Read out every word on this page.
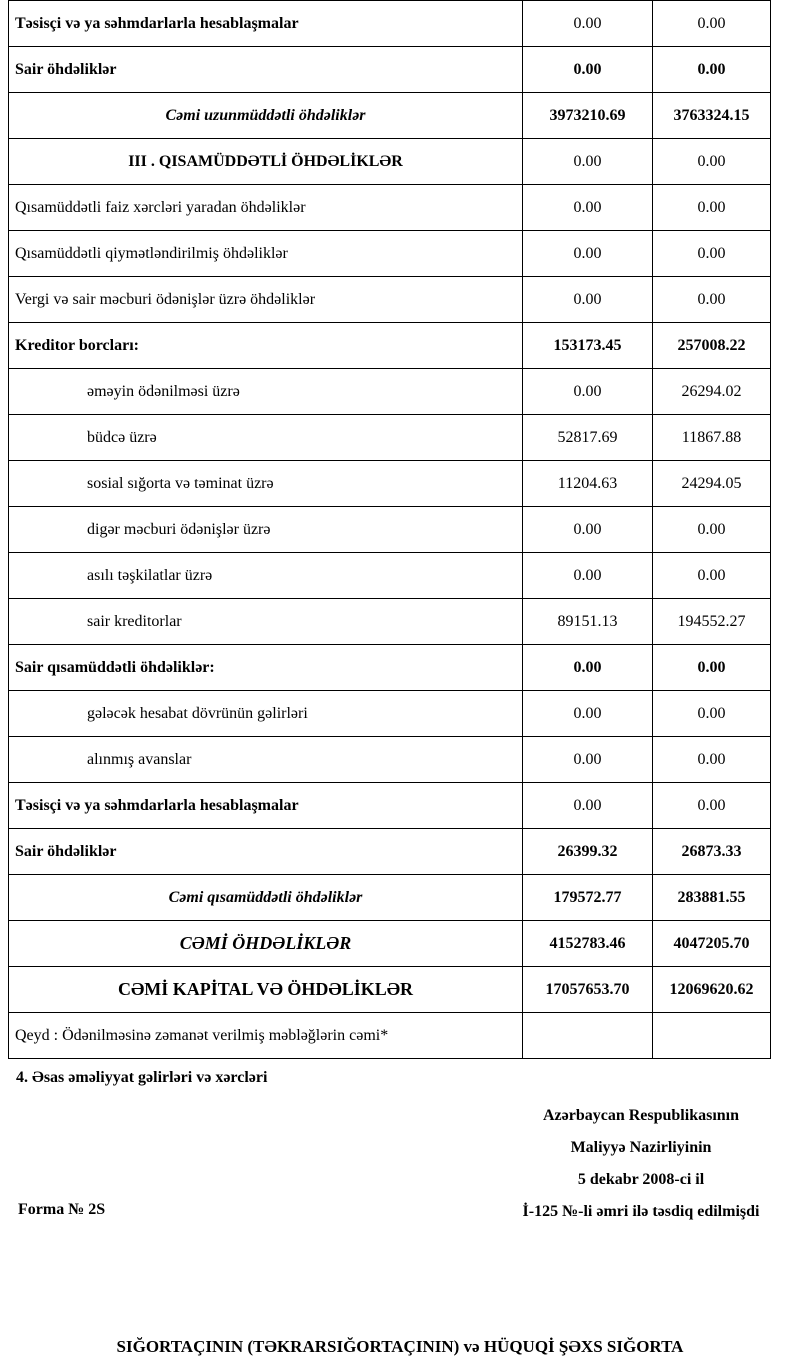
Təsisçi və ya səhmdarlarla hesablaşmalar	0.00	0.00
Sair öhdəliklər	0.00	0.00
Cəmi uzunmüddətli öhdəliklər	3973210.69	3763324.15
III . QISAMÜDDƏTLİ ÖHDƏLİKLƏR	0.00	0.00
Qısamüddətli faiz xərcləri yaradan öhdəliklər	0.00	0.00
Qısamüddətli qiymətləndirilmiş öhdəliklər	0.00	0.00
Vergi və sair məcburi ödənişlər üzrə öhdəliklər	0.00	0.00
Kreditor borcları:	153173.45	257008.22
əməyin ödənilməsi üzrə	0.00	26294.02
büdcə üzrə	52817.69	11867.88
sosial sığorta və təminat üzrə	11204.63	24294.05
digər məcburi ödənişlər üzrə	0.00	0.00
asılı təşkilatlar üzrə	0.00	0.00
sair kreditorlar	89151.13	194552.27
Sair qısamüddətli öhdəliklər:	0.00	0.00
gələcək hesabat dövrünün gəlirləri	0.00	0.00
alınmış avanslar	0.00	0.00
Təsisçi və ya səhmdarlarla hesablaşmalar	0.00	0.00
Sair öhdəliklər	26399.32	26873.33
Cəmi qısamüddətli öhdəliklər	179572.77	283881.55
CƏMİ ÖHDƏLİKLƏR	4152783.46	4047205.70
CƏMİ KAPİTAL VƏ ÖHDƏLİKLƏR	17057653.70	12069620.62
Qeyd : Ödənilməsinə zəmanət verilmiş məbləğlərin cəmi*		

4. Əsas əməliyyat gəlirləri və xərcləri

Azərbaycan Respublikasının

Maliyyə Nazirliyinin

5 dekabr 2008-ci il

İ-125 №-li əmri ilə təsdiq edilmişdi

Forma № 2S

SIĞORTAÇININ (TƏKRARSIĞORTAÇININ) və HÜQUQİ ŞƏXS SIĞORTA
